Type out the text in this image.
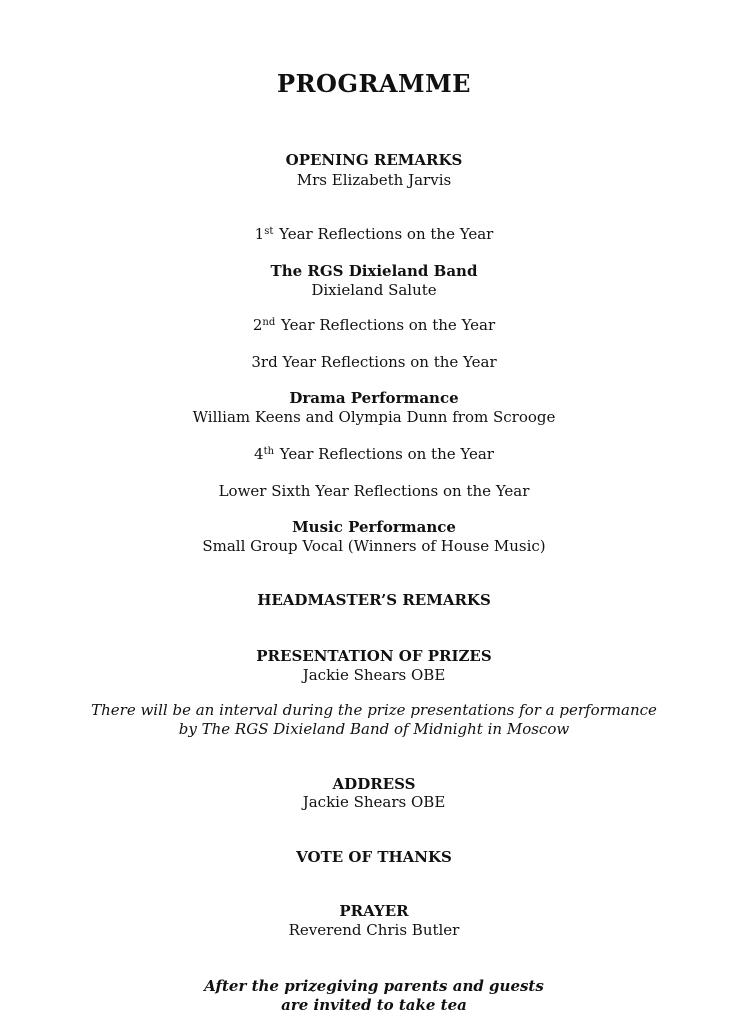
PROGRAMME
OPENING REMARKS
Mrs Elizabeth Jarvis
1st Year Reflections on the Year
The RGS Dixieland Band
Dixieland Salute
2nd Year Reflections on the Year
3rd Year Reflections on the Year
Drama Performance
William Keens and Olympia Dunn from Scrooge
4th Year Reflections on the Year
Lower Sixth Year Reflections on the Year
Music Performance
Small Group Vocal (Winners of House Music)
HEADMASTER’S REMARKS
PRESENTATION OF PRIZES
Jackie Shears OBE
There will be an interval during the prize presentations for a performance
by The RGS Dixieland Band of Midnight in Moscow
ADDRESS
Jackie Shears OBE
VOTE OF THANKS
PRAYER
Reverend Chris Butler
After the prizegiving parents and guests
are invited to take tea
